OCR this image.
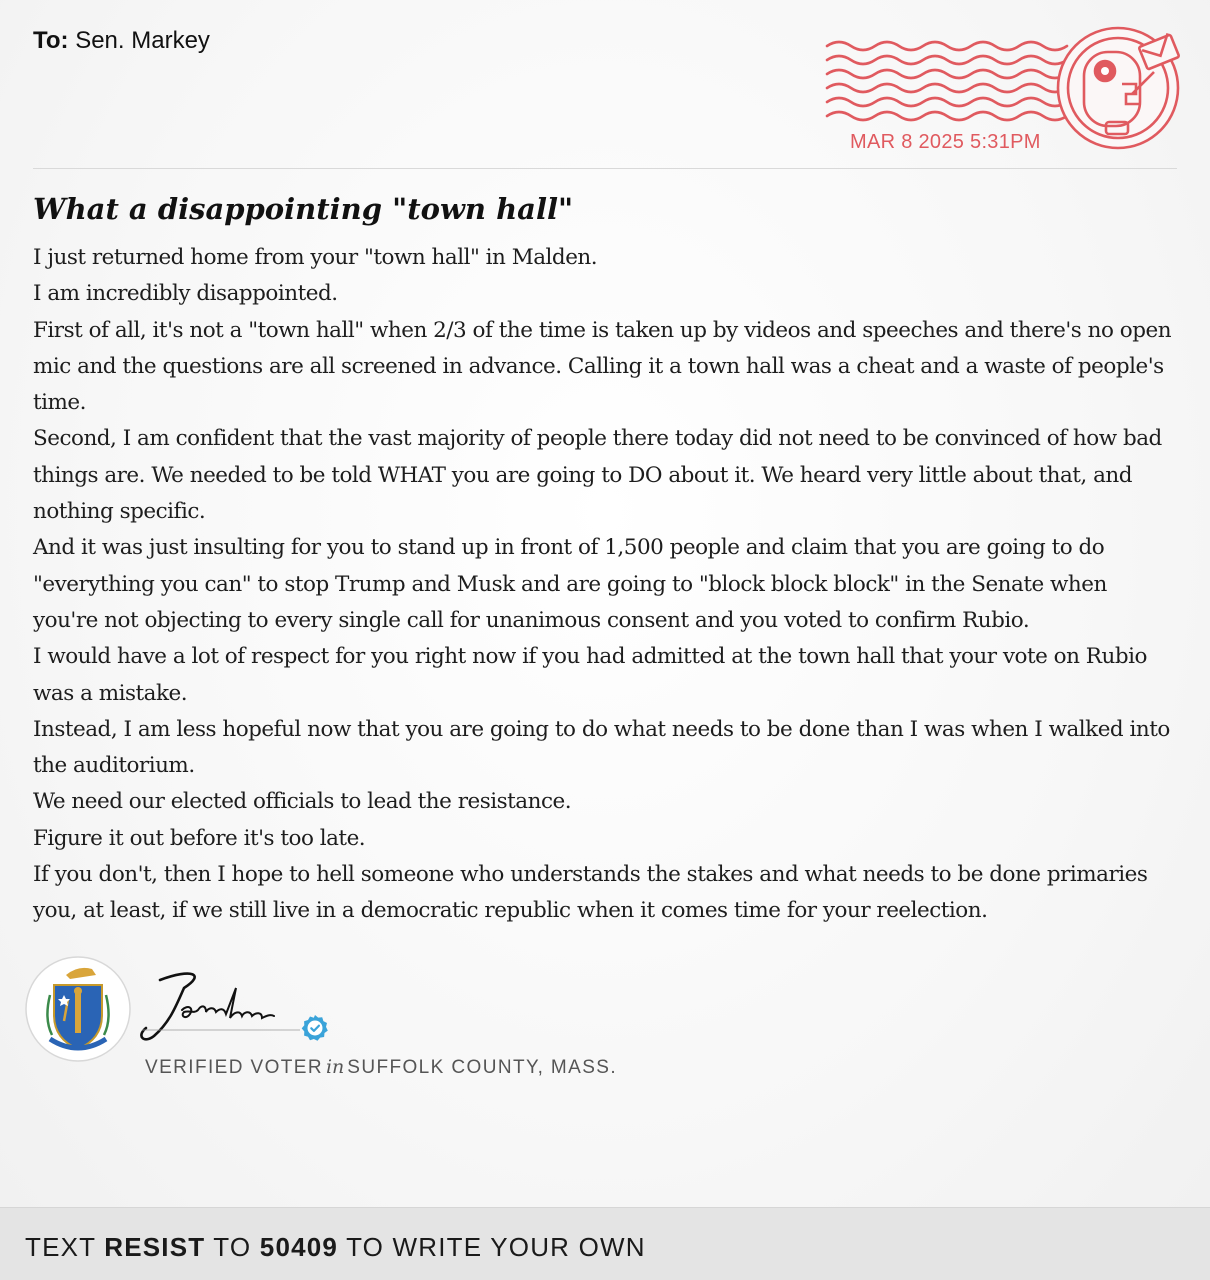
To: Sen. Markey
MAR 8 2025 5:31PM
What a disappointing "town hall"

I just returned home from your "town hall" in Malden.

I am incredibly disappointed.

First of all, it's not a "town hall" when 2/3 of the time is taken up by videos and speeches and there's no open mic and the questions are all screened in advance. Calling it a town hall was a cheat and a waste of people's time.

Second, I am confident that the vast majority of people there today did not need to be convinced of how bad things are. We needed to be told WHAT you are going to DO about it. We heard very little about that, and nothing specific.

And it was just insulting for you to stand up in front of 1,500 people and claim that you are going to do "everything you can" to stop Trump and Musk and are going to "block block block" in the Senate when you're not objecting to every single call for unanimous consent and you voted to confirm Rubio.

I would have a lot of respect for you right now if you had admitted at the town hall that your vote on Rubio was a mistake.

Instead, I am less hopeful now that you are going to do what needs to be done than I was when I walked into the auditorium.

We need our elected officials to lead the resistance.

Figure it out before it's too late.

If you don't, then I hope to hell someone who understands the stakes and what needs to be done primaries you, at least, if we still live in a democratic republic when it comes time for your reelection.

VERIFIED VOTER in SUFFOLK COUNTY, MASS.
TEXT RESIST TO 50409 TO WRITE YOUR OWN
